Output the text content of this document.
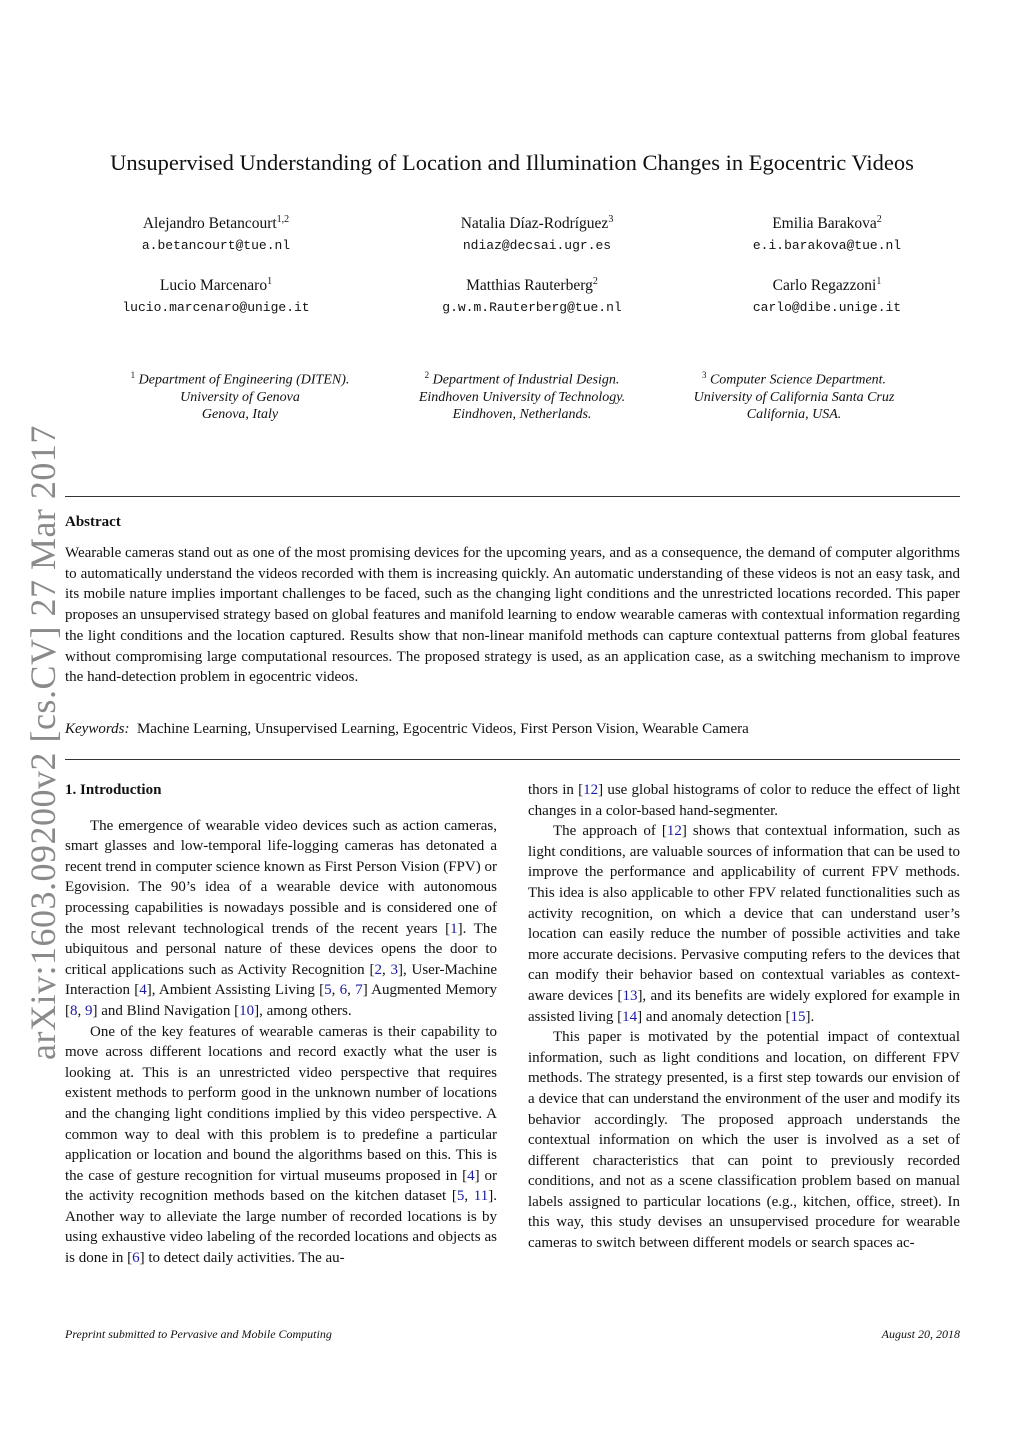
arXiv:1603.09200v2 [cs.CV] 27 Mar 2017
Unsupervised Understanding of Location and Illumination Changes in Egocentric Videos
Alejandro Betancourt$^{1,2}$
a.betancourt@tue.nl
Natalia Díaz-Rodríguez$^3$
ndiaz@decsai.ugr.es
Emilia Barakova$^2$
e.i.barakova@tue.nl
Lucio Marcenaro$^1$
lucio.marcenaro@unige.it
Matthias Rauterberg$^2$
g.w.m.Rauterberg@tue.nl
Carlo Regazzoni$^1$
carlo@dibe.unige.it
$^1$ Department of Engineering (DITEN).
University of Genova
Genova, Italy
$^2$ Department of Industrial Design.
Eindhoven University of Technology.
Eindhoven, Netherlands.
$^3$ Computer Science Department.
University of California Santa Cruz
California, USA.
Abstract
Wearable cameras stand out as one of the most promising devices for the upcoming years, and as a consequence, the demand of computer algorithms to automatically understand the videos recorded with them is increasing quickly. An automatic understanding of these videos is not an easy task, and its mobile nature implies important challenges to be faced, such as the changing light conditions and the unrestricted locations recorded. This paper proposes an unsupervised strategy based on global features and manifold learning to endow wearable cameras with contextual information regarding the light conditions and the location captured. Results show that non-linear manifold methods can capture contextual patterns from global features without compromising large computational resources. The proposed strategy is used, as an application case, as a switching mechanism to improve the hand-detection problem in egocentric videos.
Keywords: Machine Learning, Unsupervised Learning, Egocentric Videos, First Person Vision, Wearable Camera
1. Introduction

The emergence of wearable video devices such as action cameras, smart glasses and low-temporal life-logging cameras has detonated a recent trend in computer science known as First Person Vision (FPV) or Egovision. The 90’s idea of a wearable device with autonomous processing capabilities is nowadays possible and is considered one of the most relevant technological trends of the recent years [1]. The ubiquitous and personal nature of these devices opens the door to critical applications such as Activity Recognition [2, 3], User-Machine Interaction [4], Ambient Assisting Living [5, 6, 7] Augmented Memory [8, 9] and Blind Navigation [10], among others.

One of the key features of wearable cameras is their capability to move across different locations and record exactly what the user is looking at. This is an unrestricted video perspective that requires existent methods to perform good in the unknown number of locations and the changing light conditions implied by this video perspective. A common way to deal with this problem is to predefine a particular application or location and bound the algorithms based on this. This is the case of gesture recognition for virtual museums proposed in [4] or the activity recognition methods based on the kitchen dataset [5, 11]. Another way to alleviate the large number of recorded locations is by using exhaustive video labeling of the recorded locations and objects as is done in [6] to detect daily activities. The au-

thors in [12] use global histograms of color to reduce the effect of light changes in a color-based hand-segmenter.

The approach of [12] shows that contextual information, such as light conditions, are valuable sources of information that can be used to improve the performance and applicability of current FPV methods. This idea is also applicable to other FPV related functionalities such as activity recognition, on which a device that can understand user’s location can easily reduce the number of possible activities and take more accurate decisions. Pervasive computing refers to the devices that can modify their behavior based on contextual variables as context-aware devices [13], and its benefits are widely explored for example in assisted living [14] and anomaly detection [15].

This paper is motivated by the potential impact of contextual information, such as light conditions and location, on different FPV methods. The strategy presented, is a first step towards our envision of a device that can understand the environment of the user and modify its behavior accordingly. The proposed approach understands the contextual information on which the user is involved as a set of different characteristics that can point to previously recorded conditions, and not as a scene classification problem based on manual labels assigned to particular locations (e.g., kitchen, office, street). In this way, this study devises an unsupervised procedure for wearable cameras to switch between different models or search spaces ac-

Preprint submitted to Pervasive and Mobile Computing	August 20, 2018
